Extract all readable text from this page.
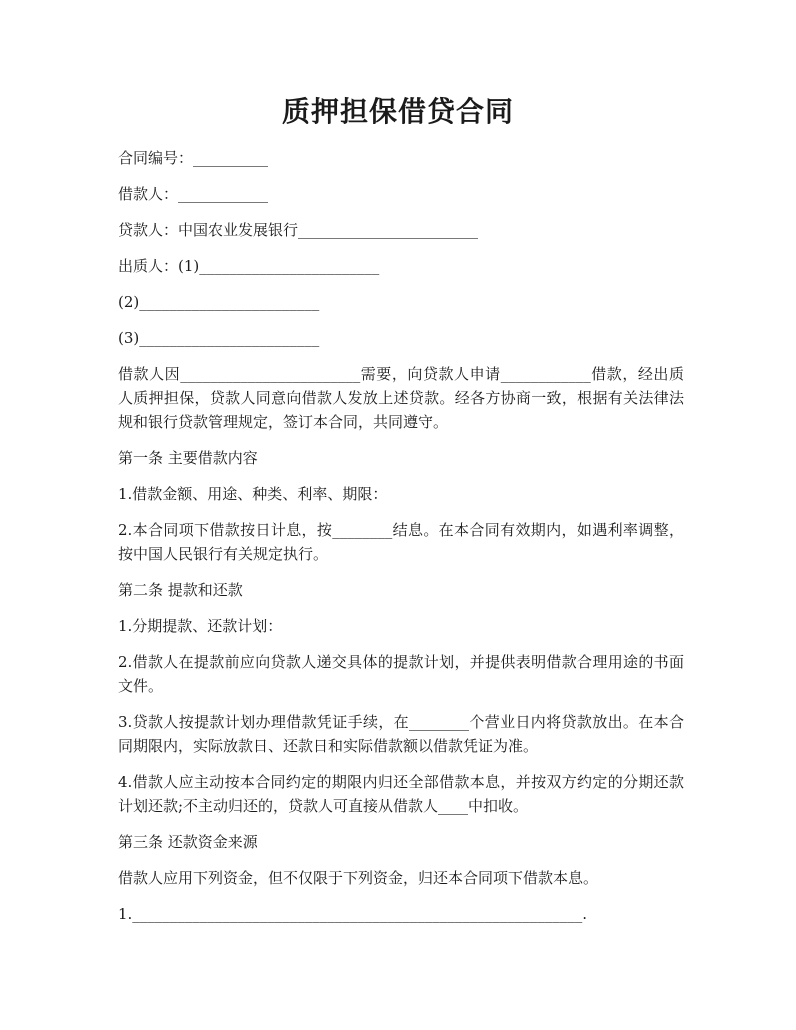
质押担保借贷合同

合同编号：__________

借款人：____________

贷款人：中国农业发展银行________________________

出质人：(1)________________________

(2)________________________

(3)________________________

借款人因________________________需要，向贷款人申请____________借款，经出质人质押担保，贷款人同意向借款人发放上述贷款。经各方协商一致，根据有关法律法规和银行贷款管理规定，签订本合同，共同遵守。

第一条 主要借款内容

1.借款金额、用途、种类、利率、期限：

2.本合同项下借款按日计息，按________结息。在本合同有效期内，如遇利率调整，按中国人民银行有关规定执行。

第二条 提款和还款

1.分期提款、还款计划：

2.借款人在提款前应向贷款人递交具体的提款计划，并提供表明借款合理用途的书面文件。

3.贷款人按提款计划办理借款凭证手续，在________个营业日内将贷款放出。在本合同期限内，实际放款日、还款日和实际借款额以借款凭证为准。

4.借款人应主动按本合同约定的期限内归还全部借款本息，并按双方约定的分期还款计划还款;不主动归还的，贷款人可直接从借款人____中扣收。

第三条 还款资金来源

借款人应用下列资金，但不仅限于下列资金，归还本合同项下借款本息。

1.____________________________________________________________.
